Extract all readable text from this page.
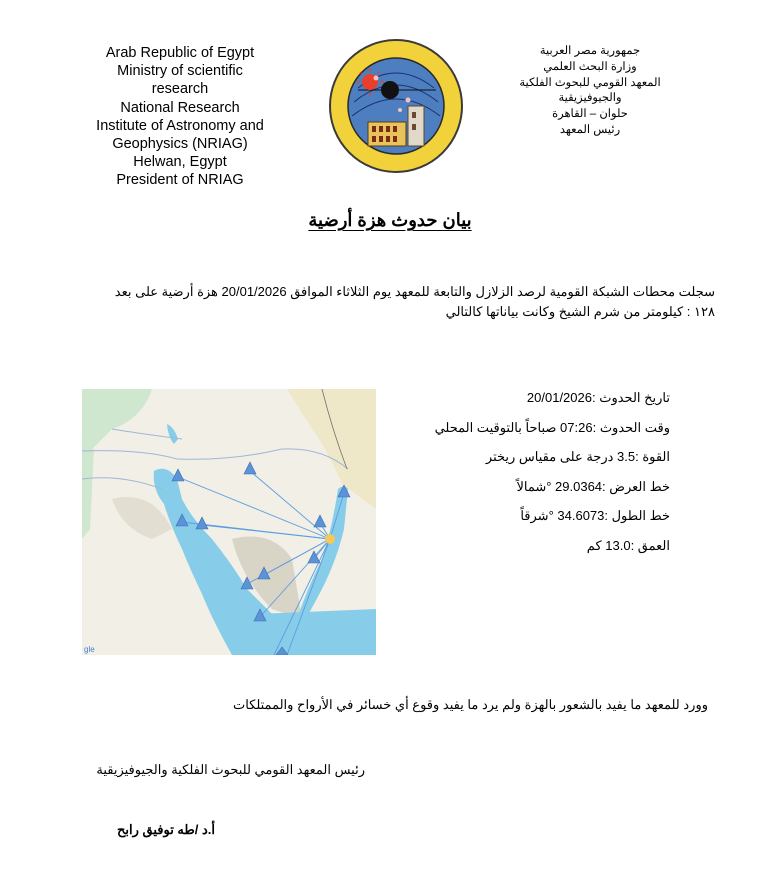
Arab Republic of Egypt
Ministry of scientific
research
National Research
Institute of Astronomy and
Geophysics (NRIAG)
Helwan, Egypt
President of NRIAG
جمهورية مصر العربية
وزارة البحث العلمي
المعهد القومي للبحوث الفلكية
والجيوفيزيقية
حلوان – القاهرة
رئيس المعهد
بيان حدوث هزة أرضية
سجلت محطات الشبكة القومية لرصد الزلازل والتابعة للمعهد يوم الثلاثاء الموافق 20/01/2026 هزة أرضية على بعد
١٢٨ : كيلومتر من شرم الشيخ وكانت بياناتها كالتالي
gle
تاريخ الحدوث :20/01/2026
وقت الحدوث :07:26 صباحاً بالتوقيت المحلي
القوة :3.5 درجة على مقياس ريختر
خط العرض :29.0364 °شمالاً
خط الطول :34.6073 °شرقاً
العمق :13.0 كم
وورد للمعهد ما يفيد بالشعور بالهزة ولم يرد ما يفيد وقوع أي خسائر في الأرواح والممتلكات
رئيس المعهد القومي للبحوث الفلكية والجيوفيزيقية
أ.د /طه توفيق رابح
